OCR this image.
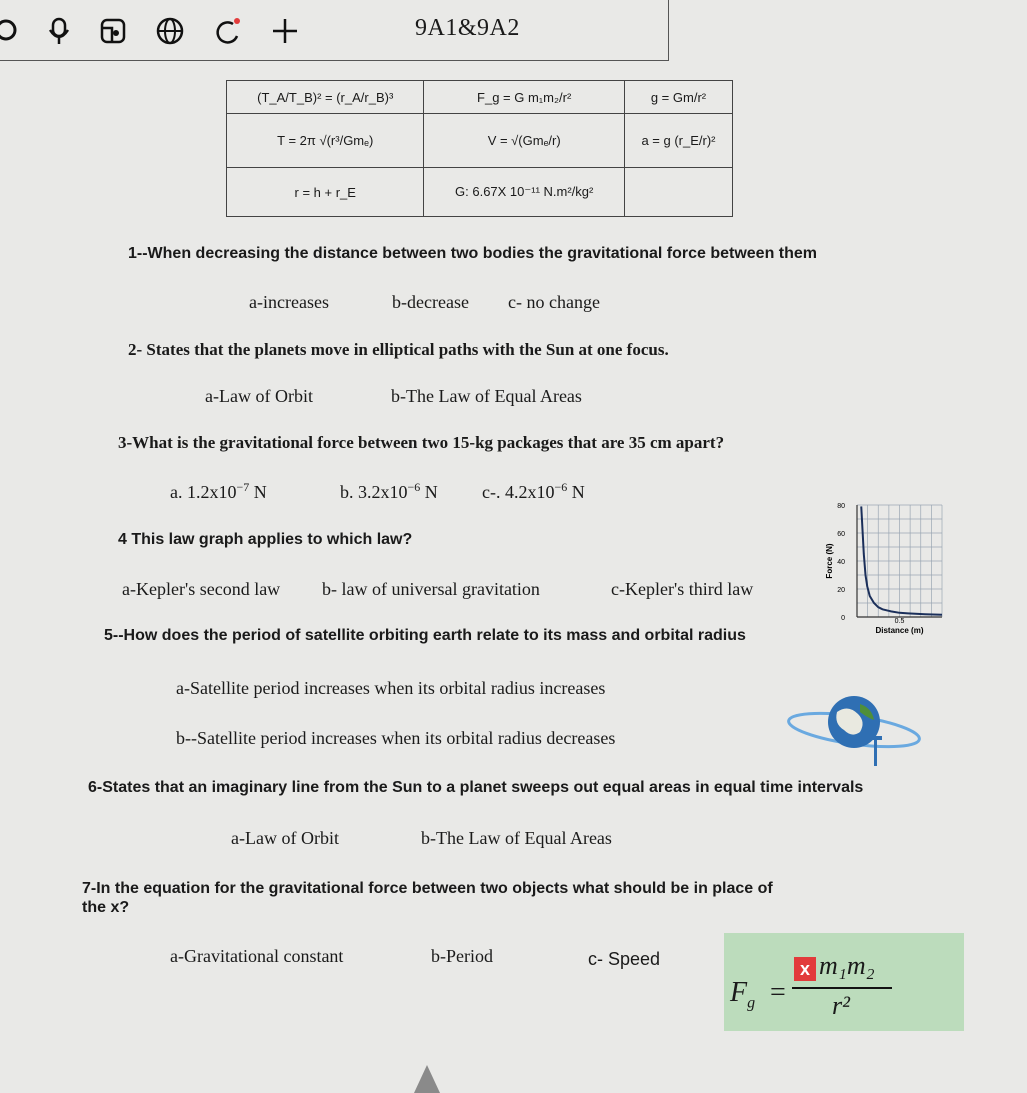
9A1&9A2
(T_A/T_B)² = (r_A/r_B)³	F_g = G m₁m₂/r²	g = Gm/r²
T = 2π √(r³/Gmₑ)	V = √(Gmₑ/r)	a = g (r_E/r)²
r = h + r_E	G: 6.67X 10⁻¹¹ N.m²/kg²	
1--When decreasing the distance between two bodies the gravitational force between them
a-increases	b-decrease c- no change
2- States that the planets move in elliptical paths with the Sun at one focus.
a-Law of Orbit	b-The Law of Equal Areas
3-What is the gravitational force between two 15-kg packages that are 35 cm apart?
a. $1.2x10^{-7}$ N	b. $3.2x10^{-6}$ N c-. $4.2x10^{-6}$ N
4 This law graph applies to which law?
a-Kepler's second law b- law of universal gravitation	c-Kepler's third law
80
60
40
20
0	0.5
Distance (m)
Force (N)
5--How does the period of satellite orbiting earth relate to its mass and orbital radius
a-Satellite period increases when its orbital radius increases
b--Satellite period increases when its orbital radius decreases
6-States that an imaginary line from the Sun to a planet sweeps out equal areas in equal time intervals
a-Law of Orbit	b-The Law of Equal Areas
7-In the equation for the gravitational force between two objects what should be in place of
the x?
a-Gravitational constant	b-Period	c- Speed
$F_g$ =
x m₁m₂
r²
